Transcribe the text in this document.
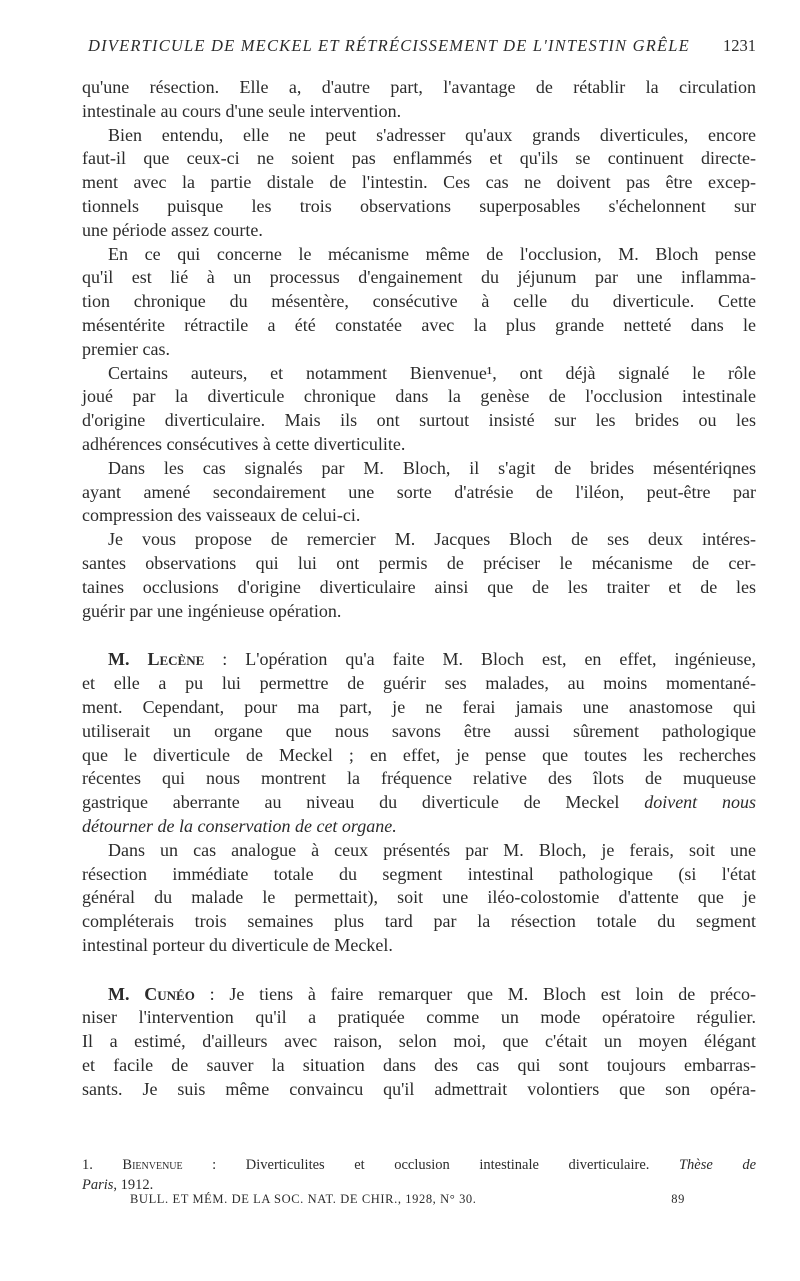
DIVERTICULE DE MECKEL ET RÉTRÉCISSEMENT DE L'INTESTIN GRÊLE 1231
qu'une résection. Elle a, d'autre part, l'avantage de rétablir la circulation
intestinale au cours d'une seule intervention.
Bien entendu, elle ne peut s'adresser qu'aux grands diverticules, encore
faut-il que ceux-ci ne soient pas enflammés et qu'ils se continuent directe-
ment avec la partie distale de l'intestin. Ces cas ne doivent pas être excep-
tionnels puisque les trois observations superposables s'échelonnent sur
une période assez courte.
En ce qui concerne le mécanisme même de l'occlusion, M. Bloch pense
qu'il est lié à un processus d'engainement du jéjunum par une inflamma-
tion chronique du mésentère, consécutive à celle du diverticule. Cette
mésentérite rétractile a été constatée avec la plus grande netteté dans le
premier cas.
Certains auteurs, et notamment Bienvenue¹, ont déjà signalé le rôle
joué par la diverticule chronique dans la genèse de l'occlusion intestinale
d'origine diverticulaire. Mais ils ont surtout insisté sur les brides ou les
adhérences consécutives à cette diverticulite.
Dans les cas signalés par M. Bloch, il s'agit de brides mésentériqnes
ayant amené secondairement une sorte d'atrésie de l'iléon, peut-être par
compression des vaisseaux de celui-ci.
Je vous propose de remercier M. Jacques Bloch de ses deux intéres-
santes observations qui lui ont permis de préciser le mécanisme de cer-
taines occlusions d'origine diverticulaire ainsi que de les traiter et de les
guérir par une ingénieuse opération.
M. Lecène : L'opération qu'a faite M. Bloch est, en effet, ingénieuse,
et elle a pu lui permettre de guérir ses malades, au moins momentané-
ment. Cependant, pour ma part, je ne ferai jamais une anastomose qui
utiliserait un organe que nous savons être aussi sûrement pathologique
que le diverticule de Meckel ; en effet, je pense que toutes les recherches
récentes qui nous montrent la fréquence relative des îlots de muqueuse
gastrique aberrante au niveau du diverticule de Meckel doivent nous
détourner de la conservation de cet organe.
Dans un cas analogue à ceux présentés par M. Bloch, je ferais, soit une
résection immédiate totale du segment intestinal pathologique (si l'état
général du malade le permettait), soit une iléo-colostomie d'attente que je
compléterais trois semaines plus tard par la résection totale du segment
intestinal porteur du diverticule de Meckel.
M. Cunéo : Je tiens à faire remarquer que M. Bloch est loin de préco-
niser l'intervention qu'il a pratiquée comme un mode opératoire régulier.
Il a estimé, d'ailleurs avec raison, selon moi, que c'était un moyen élégant
et facile de sauver la situation dans des cas qui sont toujours embarras-
sants. Je suis même convaincu qu'il admettrait volontiers que son opéra-
1. Bienvenue : Diverticulites et occlusion intestinale diverticulaire. Thèse de
Paris, 1912.
BULL. ET MÉM. DE LA SOC. NAT. DE CHIR., 1928, N° 30.	89
